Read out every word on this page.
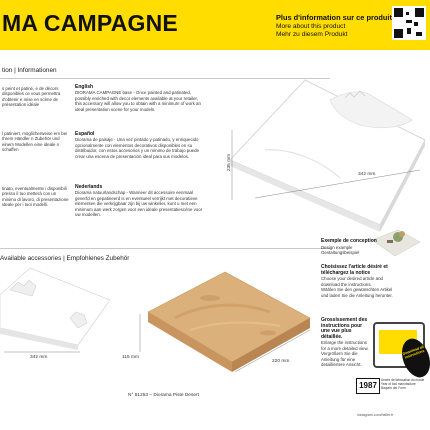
MA CAMPAGNE	Plus d'information sur ce produit
More about this product
Mehr zu diesem Produkt
tion | Informationen
s peint et patiné, e de décors disponibles ce vous permettra d'obtenir e mise en scène de présentation idéale
l patiniert, möglicherweise ern bei Ihrem Händler n Zubehör und einem Modellen eine ideale n schaffen
tinato, eventualmente i disponibili presso il tuo metterà con un minimo di lavoro, di presentazione ideale per i tuoi modelli.
English
DIORAMA CAMPAGNE base - Once painted and patinated, possibly enriched with decor elements available at your retailer, this accessory will allow you to obtain with a minimum of work an ideal presentation scene for your models.
Español
Diorama de paisaje - Una vez pintado y patinado, y enriquecido opcionalmente con elementos decorativos disponibles en su distribuidor, con estos accesorios y un mínimo de trabajo puede crear una escena de presentación ideal para sus modelos.
Nederlands
Diorama natuurlandschap - Wanneer dit accessoire eenmaal geverfd en gepatineerd is en eventueel verrijkt met decoratieve elementen die verkrijgbaar zijn bij uw winkelier, kunt u met een minimum aan werk zorgen voor een ideale presentatiescène voor uw modellen.
235 mm
342 mm
Available accessories | Empfohlenes Zubehör
342 mm	115 mm
220 mm
N° 81253 – Diorama Piste Desert
Exemple de conception
Design example
Gestaltungsbeispiel
Choisissez l'article désiré et téléchargez la notice
Choose your desired article and download the instructions.
Wählen Sie den gewünschten Artikel und laden Sie die Anleitung herunter.
Grossissement des instructions pour une vue plus détaillée.
Enlarge the instructions for a more detailed view.
Vergrößern Sie die Anleitung für eine detailliertere Ansicht.
Download all instructions
1987
Année de fabrication du moule Year of tool manufacture Baujahr der Form
instagram.com/heller.fr
